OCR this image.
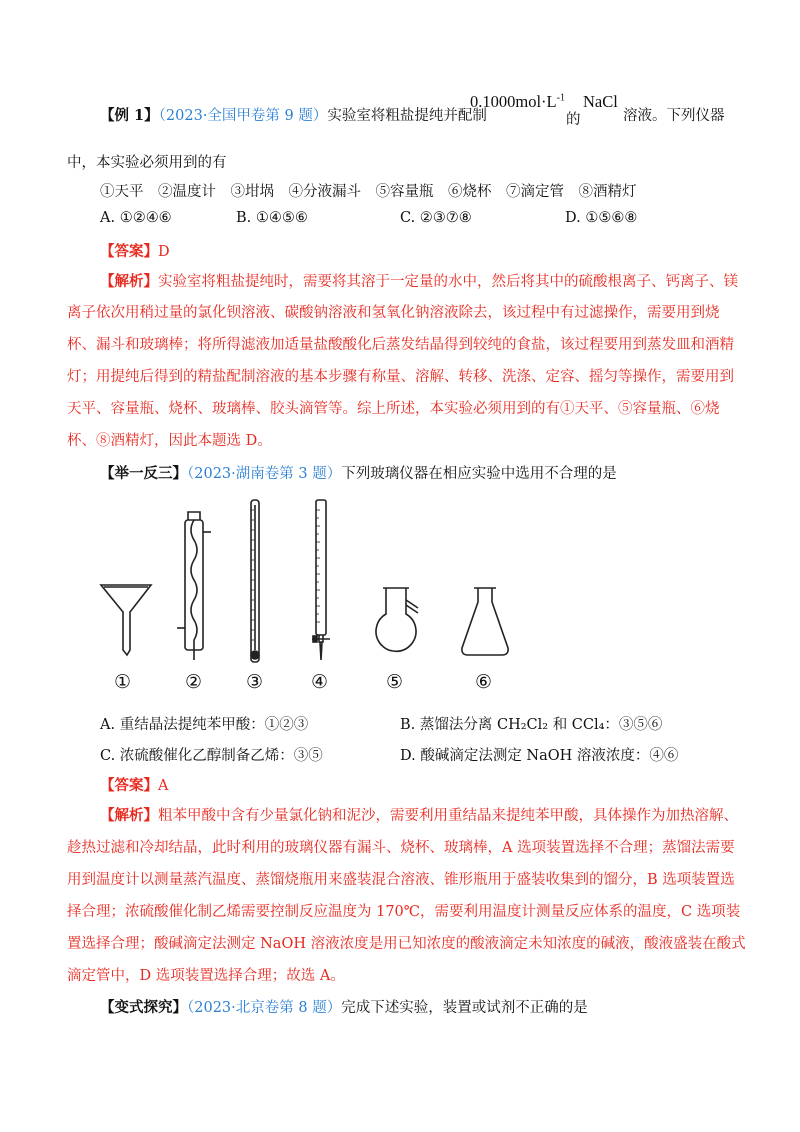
【例 1】（2023·全国甲卷第 9 题）实验室将粗盐提纯并配制
$0.1000mol\cdot L^{-1}$
的
NaCl
溶液。下列仪器
中，本实验必须用到的有
①天平　②温度计　③坩埚　④分液漏斗　⑤容量瓶　⑥烧杯　⑦滴定管　⑧酒精灯
A. ①②④⑥	B. ①④⑤⑥	C. ②③⑦⑧	D. ①⑤⑥⑧
【答案】D
【解析】实验室将粗盐提纯时，需要将其溶于一定量的水中，然后将其中的硫酸根离子、钙离子、镁
离子依次用稍过量的氯化钡溶液、碳酸钠溶液和氢氧化钠溶液除去，该过程中有过滤操作，需要用到烧
杯、漏斗和玻璃棒；将所得滤液加适量盐酸酸化后蒸发结晶得到较纯的食盐，该过程要用到蒸发皿和酒精
灯；用提纯后得到的精盐配制溶液的基本步骤有称量、溶解、转移、洗涤、定容、摇匀等操作，需要用到
天平、容量瓶、烧杯、玻璃棒、胶头滴管等。综上所述，本实验必须用到的有①天平、⑤容量瓶、⑥烧
杯、⑧酒精灯，因此本题选 D。
【举一反三】（2023·湖南卷第 3 题）下列玻璃仪器在相应实验中选用不合理的是
①	② ③	④	⑤	⑥
A. 重结晶法提纯苯甲酸：①②③	B. 蒸馏法分离 CH₂Cl₂ 和 CCl₄：③⑤⑥
C. 浓硫酸催化乙醇制备乙烯：③⑤	D. 酸碱滴定法测定 NaOH 溶液浓度：④⑥
【答案】A
【解析】粗苯甲酸中含有少量氯化钠和泥沙，需要利用重结晶来提纯苯甲酸，具体操作为加热溶解、
趁热过滤和冷却结晶，此时利用的玻璃仪器有漏斗、烧杯、玻璃棒，A 选项装置选择不合理；蒸馏法需要
用到温度计以测量蒸汽温度、蒸馏烧瓶用来盛装混合溶液、锥形瓶用于盛装收集到的馏分，B 选项装置选
择合理；浓硫酸催化制乙烯需要控制反应温度为 170℃，需要利用温度计测量反应体系的温度，C 选项装
置选择合理；酸碱滴定法测定 NaOH 溶液浓度是用已知浓度的酸液滴定未知浓度的碱液，酸液盛装在酸式
滴定管中，D 选项装置选择合理；故选 A。
【变式探究】（2023·北京卷第 8 题）完成下述实验，装置或试剂不正确的是
